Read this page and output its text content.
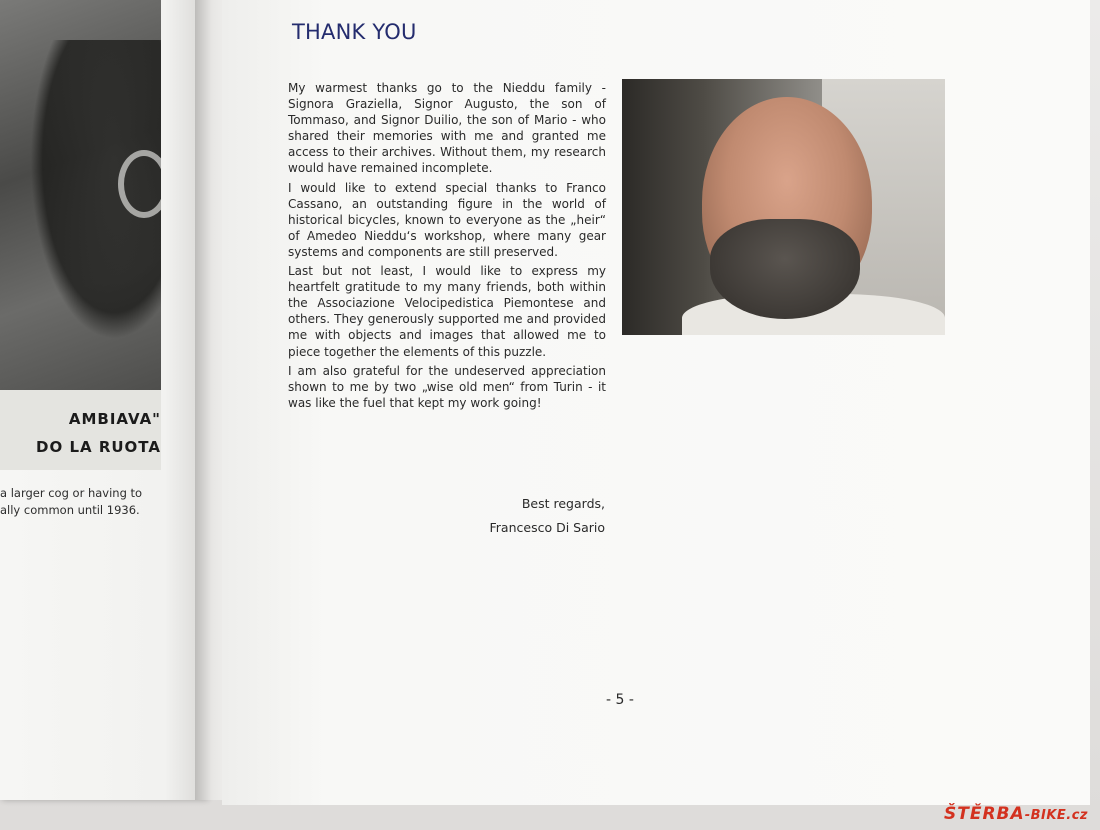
AMBIAVA"
DO LA RUOTA
a larger cog or having to
ally common until 1936.
THANK YOU

My warmest thanks go to the Nieddu family - Signora Graziella, Signor Augusto, the son of Tommaso, and Signor Duilio, the son of Mario - who shared their memories with me and granted me access to their archives. Without them, my research would have remained incomplete.

I would like to extend special thanks to Franco Cassano, an outstanding figure in the world of historical bicycles, known to everyone as the „heir“ of Amedeo Nieddu‘s workshop, where many gear systems and components are still preserved.

Last but not least, I would like to express my heartfelt gratitude to my many friends, both within the Associazione Velocipedistica Piemontese and others. They generously supported me and provided me with objects and images that allowed me to piece together the elements of this puzzle.

I am also grateful for the undeserved appreciation shown to me by two „wise old men“ from Turin - it was like the fuel that kept my work going!

Best regards,
Francesco Di Sario
- 5 -
ŠTĚRBA-BIKE.cz
